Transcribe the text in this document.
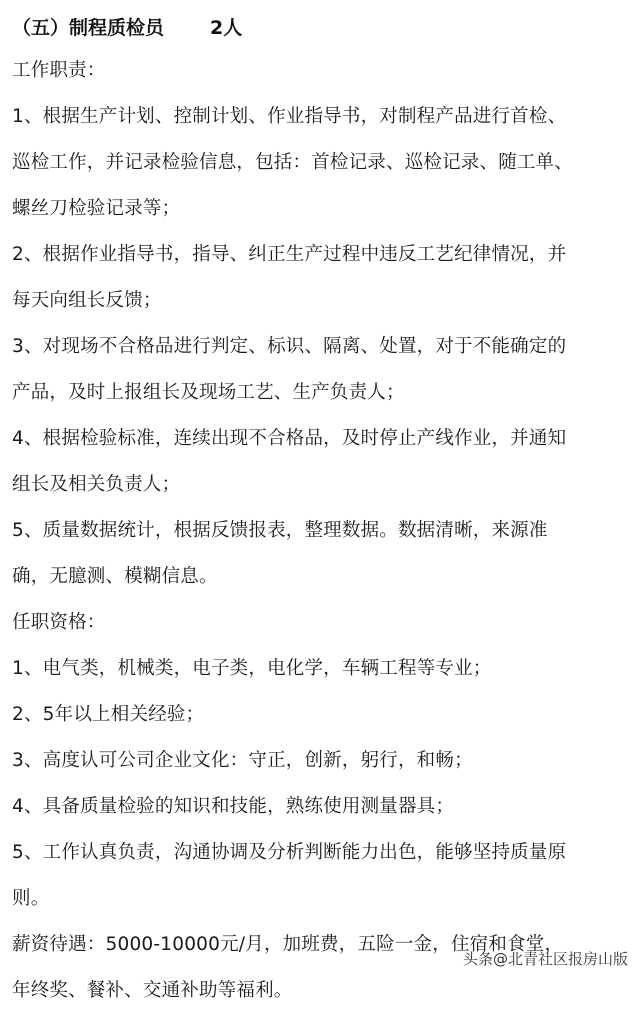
（五）制程质检员 2人
工作职责：
1、根据生产计划、控制计划、作业指导书，对制程产品进行首检、
巡检工作，并记录检验信息，包括：首检记录、巡检记录、随工单、
螺丝刀检验记录等；
2、根据作业指导书，指导、纠正生产过程中违反工艺纪律情况，并
每天向组长反馈；
3、对现场不合格品进行判定、标识、隔离、处置，对于不能确定的
产品，及时上报组长及现场工艺、生产负责人；
4、根据检验标准，连续出现不合格品，及时停止产线作业，并通知
组长及相关负责人；
5、质量数据统计，根据反馈报表，整理数据。数据清晰，来源准
确，无臆测、模糊信息。
任职资格：
1、电气类，机械类，电子类，电化学，车辆工程等专业；
2、5年以上相关经验；
3、高度认可公司企业文化：守正，创新，躬行，和畅；
4、具备质量检验的知识和技能，熟练使用测量器具；
5、工作认真负责，沟通协调及分析判断能力出色，能够坚持质量原
则。
薪资待遇：5000-10000元/月，加班费，五险一金，住宿和食堂，
年终奖、餐补、交通补助等福利。
头条 @北青社区报房山版
